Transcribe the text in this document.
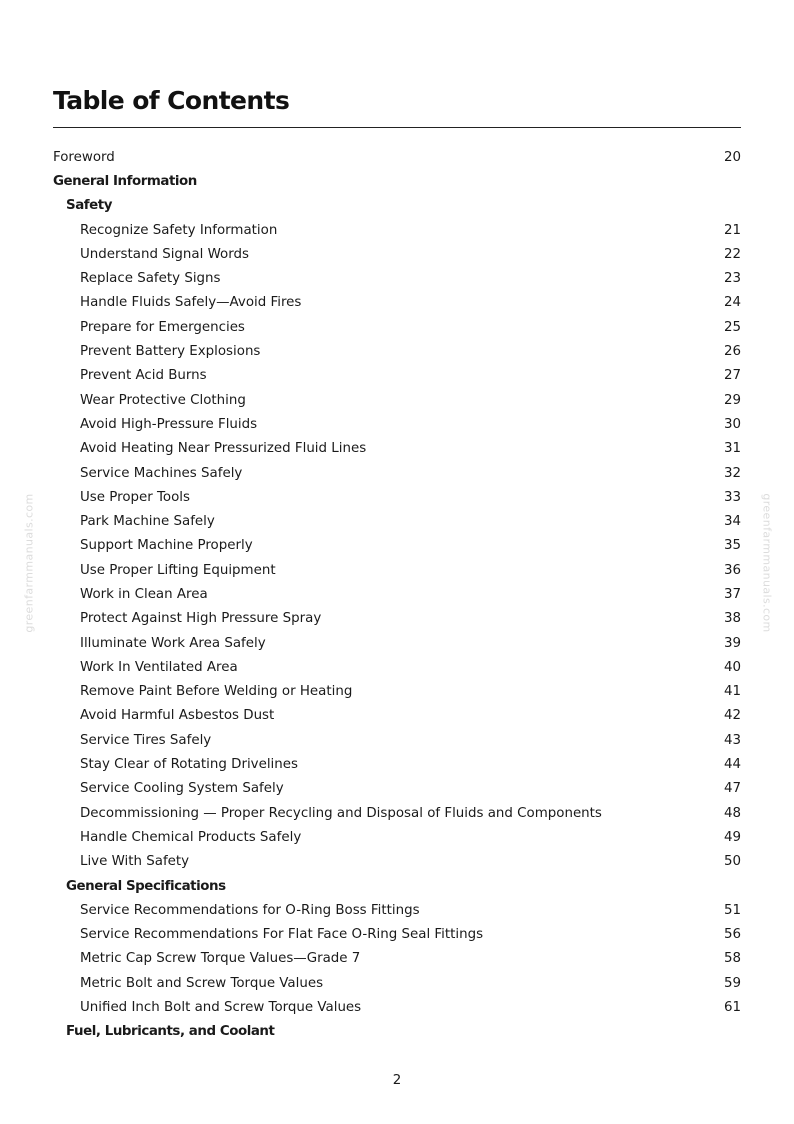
Table of Contents
Foreword	20
General Information
Safety
Recognize Safety Information	21
Understand Signal Words	22
Replace Safety Signs	23
Handle Fluids Safely—Avoid Fires	24
Prepare for Emergencies	25
Prevent Battery Explosions	26
Prevent Acid Burns	27
Wear Protective Clothing	29
Avoid High-Pressure Fluids	30
Avoid Heating Near Pressurized Fluid Lines	31
Service Machines Safely	32
Use Proper Tools	33
Park Machine Safely	34
Support Machine Properly	35
Use Proper Lifting Equipment	36
Work in Clean Area	37
Protect Against High Pressure Spray	38
Illuminate Work Area Safely	39
Work In Ventilated Area	40
Remove Paint Before Welding or Heating	41
Avoid Harmful Asbestos Dust	42
Service Tires Safely	43
Stay Clear of Rotating Drivelines	44
Service Cooling System Safely	47
Decommissioning — Proper Recycling and Disposal of Fluids and Components	48
Handle Chemical Products Safely	49
Live With Safety	50
General Specifications
Service Recommendations for O-Ring Boss Fittings	51
Service Recommendations For Flat Face O-Ring Seal Fittings	56
Metric Cap Screw Torque Values—Grade 7	58
Metric Bolt and Screw Torque Values	59
Unified Inch Bolt and Screw Torque Values	61
Fuel, Lubricants, and Coolant
greenfarmmanuals.com	greenfarmmanuals.com
2
